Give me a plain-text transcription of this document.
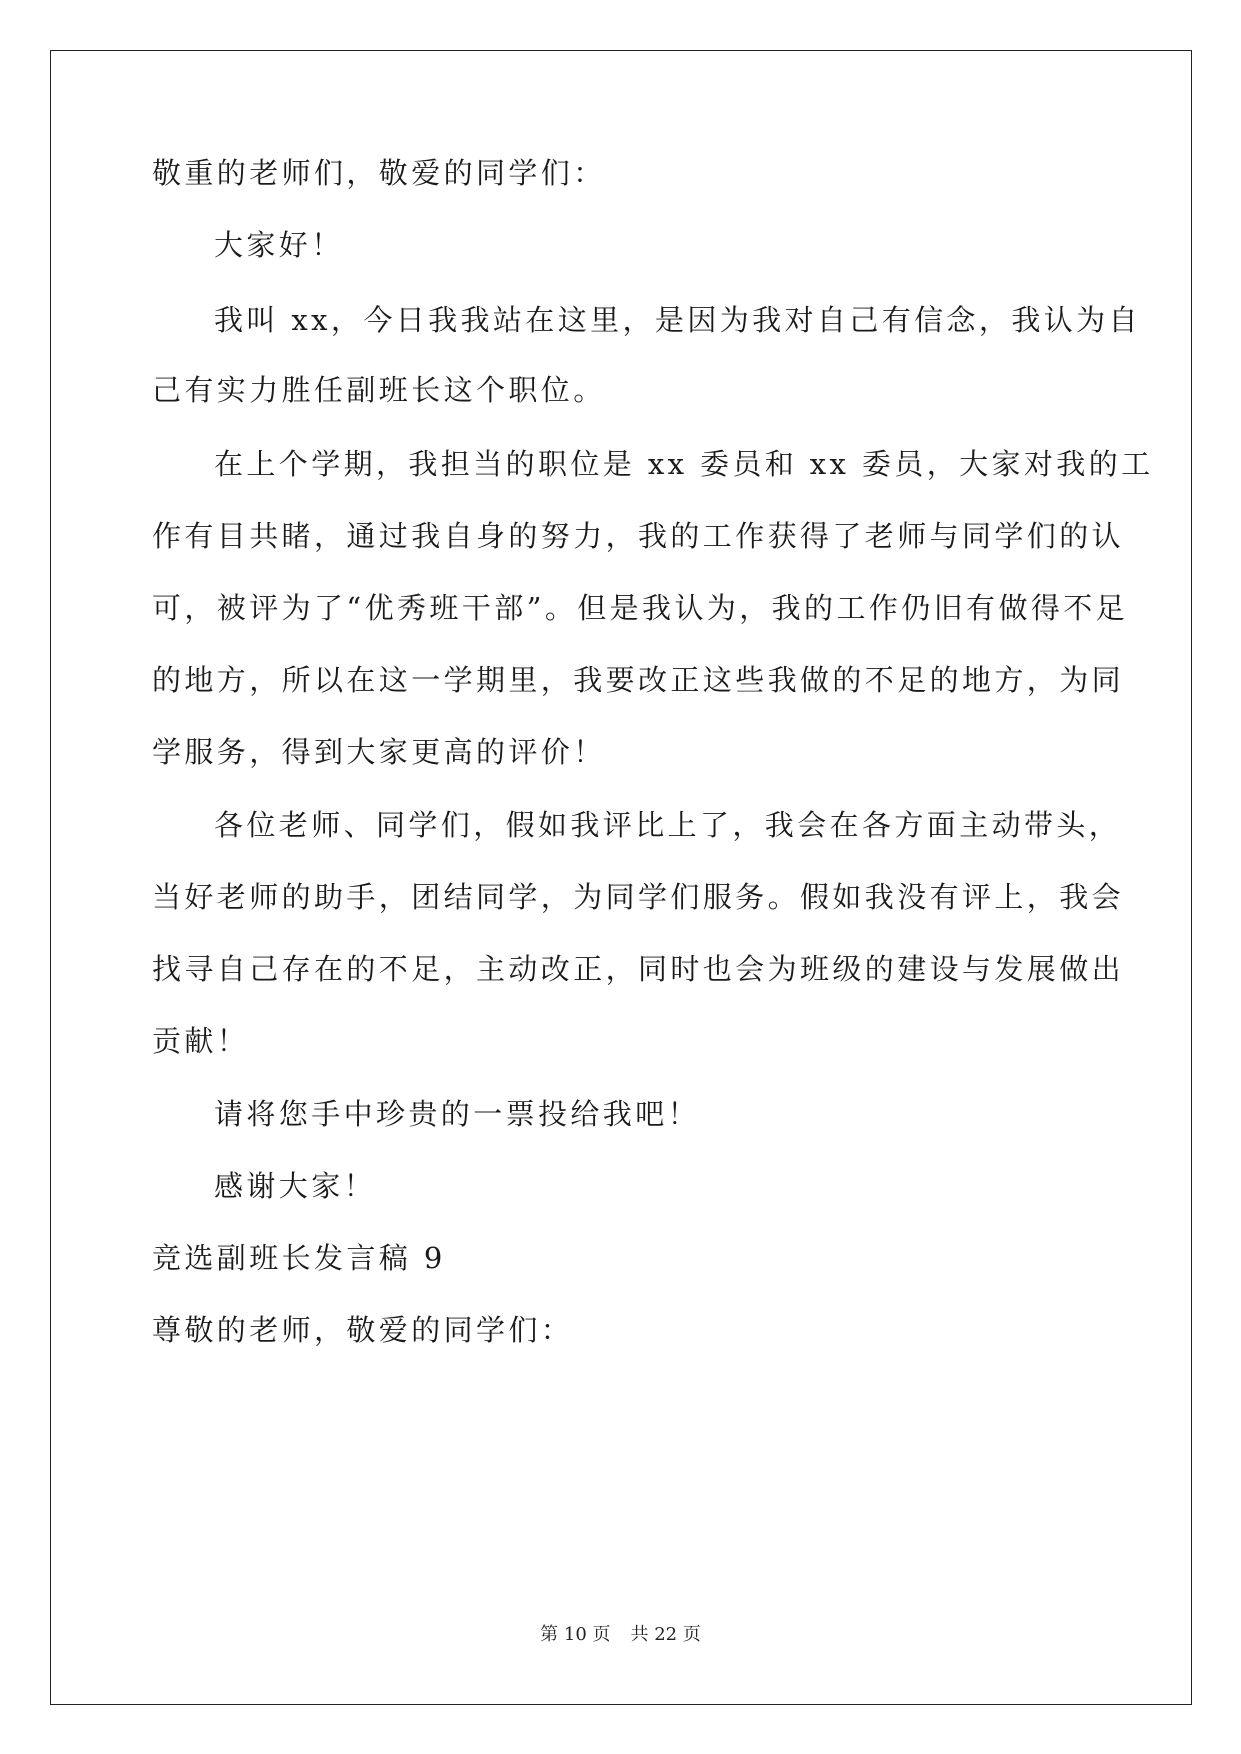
敬重的老师们，敬爱的同学们：
大家好！
我叫 xx，今日我我站在这里，是因为我对自己有信念，我认为自
己有实力胜任副班长这个职位。
在上个学期，我担当的职位是 xx 委员和 xx 委员，大家对我的工
作有目共睹，通过我自身的努力，我的工作获得了老师与同学们的认
可，被评为了“优秀班干部”。但是我认为，我的工作仍旧有做得不足
的地方，所以在这一学期里，我要改正这些我做的不足的地方，为同
学服务，得到大家更高的评价！
各位老师、同学们，假如我评比上了，我会在各方面主动带头，
当好老师的助手，团结同学，为同学们服务。假如我没有评上，我会
找寻自己存在的不足，主动改正，同时也会为班级的建设与发展做出
贡献！
请将您手中珍贵的一票投给我吧！
感谢大家！
竞选副班长发言稿 9
尊敬的老师，敬爱的同学们：
第 10 页 共 22 页
